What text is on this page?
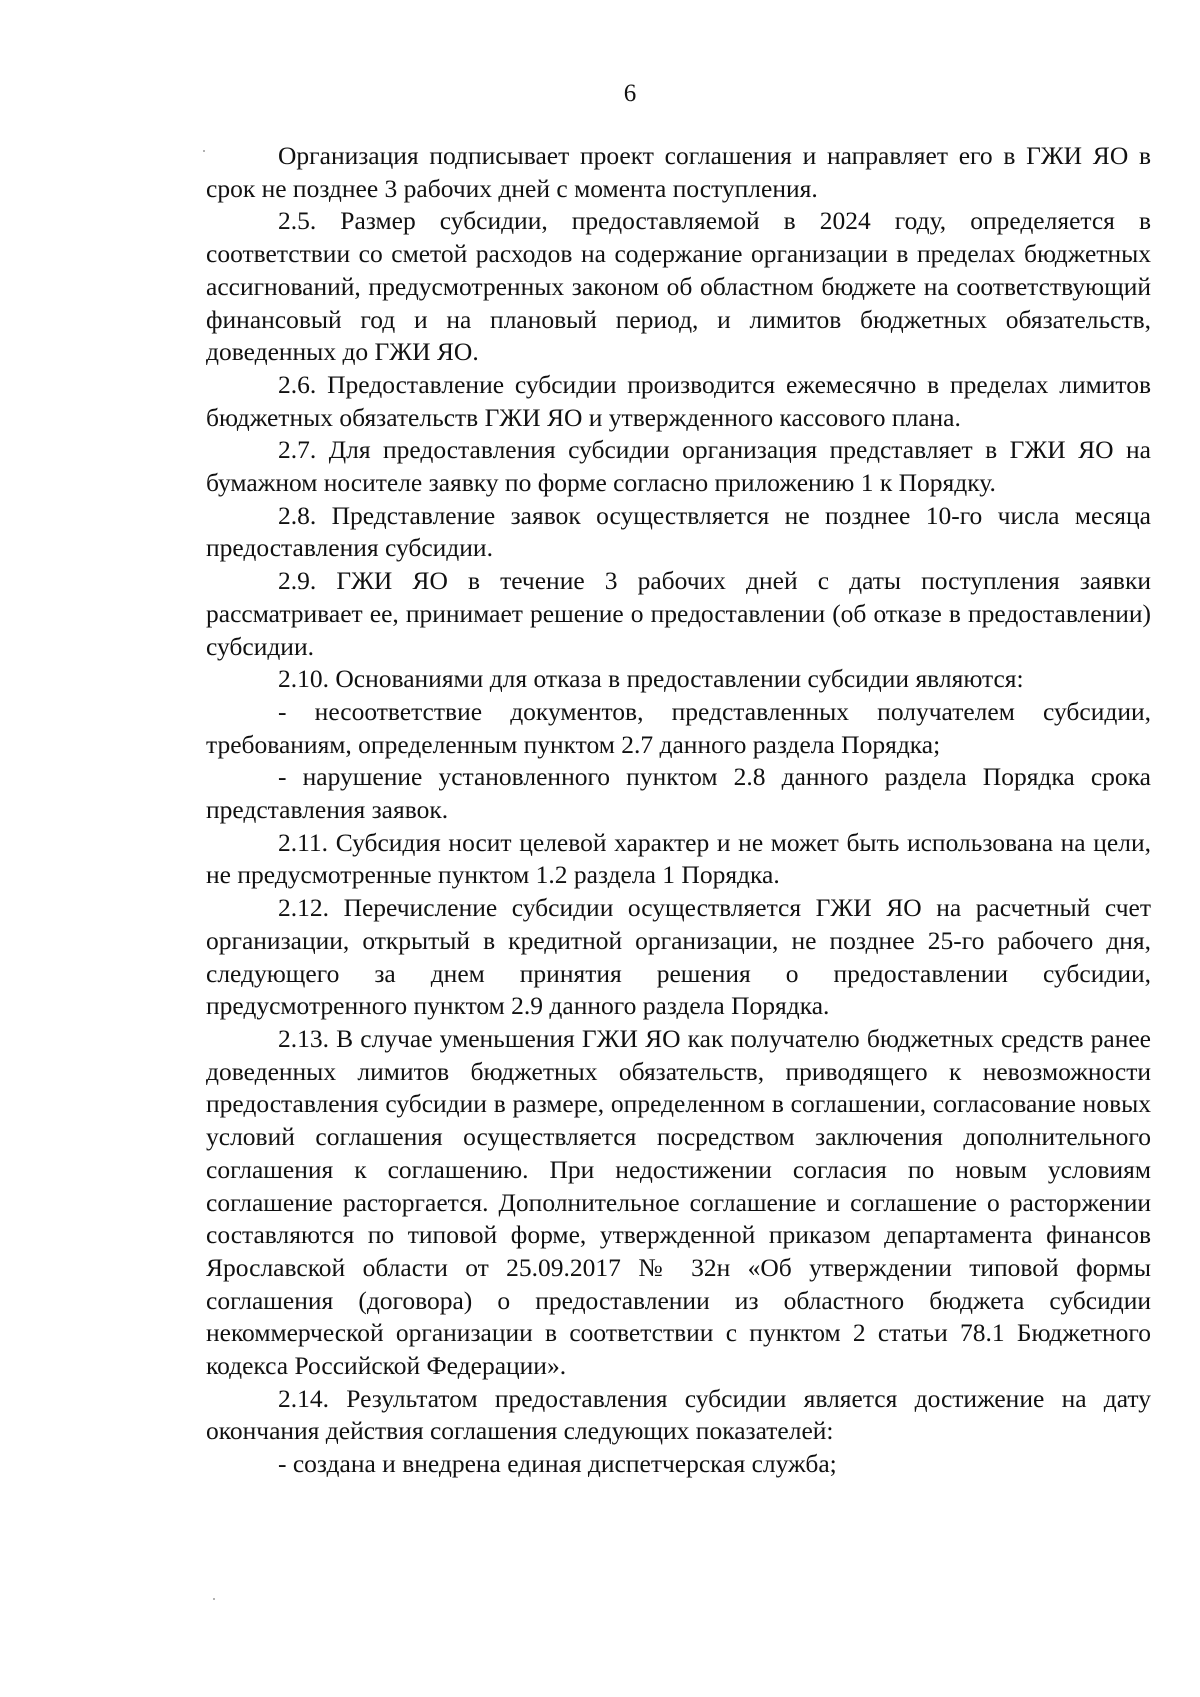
6

Организация подписывает проект соглашения и направляет его в ГЖИ ЯО в срок не позднее 3 рабочих дней с момента поступления.

2.5. Размер субсидии, предоставляемой в 2024 году, определяется в соответствии со сметой расходов на содержание организации в пределах бюджетных ассигнований, предусмотренных законом об областном бюджете на соответствующий финансовый год и на плановый период, и лимитов бюджетных обязательств, доведенных до ГЖИ ЯО.

2.6. Предоставление субсидии производится ежемесячно в пределах лимитов бюджетных обязательств ГЖИ ЯО и утвержденного кассового плана.

2.7. Для предоставления субсидии организация представляет в ГЖИ ЯО на бумажном носителе заявку по форме согласно приложению 1 к Порядку.

2.8. Представление заявок осуществляется не позднее 10-го числа месяца предоставления субсидии.

2.9. ГЖИ ЯО в течение 3 рабочих дней с даты поступления заявки рассматривает ее, принимает решение о предоставлении (об отказе в предоставлении) субсидии.

2.10. Основаниями для отказа в предоставлении субсидии являются:

- несоответствие документов, представленных получателем субсидии, требованиям, определенным пунктом 2.7 данного раздела Порядка;

- нарушение установленного пунктом 2.8 данного раздела Порядка срока представления заявок.

2.11. Субсидия носит целевой характер и не может быть использована на цели, не предусмотренные пунктом 1.2 раздела 1 Порядка.

2.12. Перечисление субсидии осуществляется ГЖИ ЯО на расчетный счет организации, открытый в кредитной организации, не позднее 25-го рабочего дня, следующего за днем принятия решения о предоставлении субсидии, предусмотренного пунктом 2.9 данного раздела Порядка.

2.13. В случае уменьшения ГЖИ ЯО как получателю бюджетных средств ранее доведенных лимитов бюджетных обязательств, приводящего к невозможности предоставления субсидии в размере, определенном в соглашении, согласование новых условий соглашения осуществляется посредством заключения дополнительного соглашения к соглашению. При недостижении согласия по новым условиям соглашение расторгается. Дополнительное соглашение и соглашение о расторжении составляются по типовой форме, утвержденной приказом департамента финансов Ярославской области от 25.09.2017 № 32н «Об утверждении типовой формы соглашения (договора) о предоставлении из областного бюджета субсидии некоммерческой организации в соответствии с пунктом 2 статьи 78.1 Бюджетного кодекса Российской Федерации».

2.14. Результатом предоставления субсидии является достижение на дату окончания действия соглашения следующих показателей:

- создана и внедрена единая диспетчерская служба;
